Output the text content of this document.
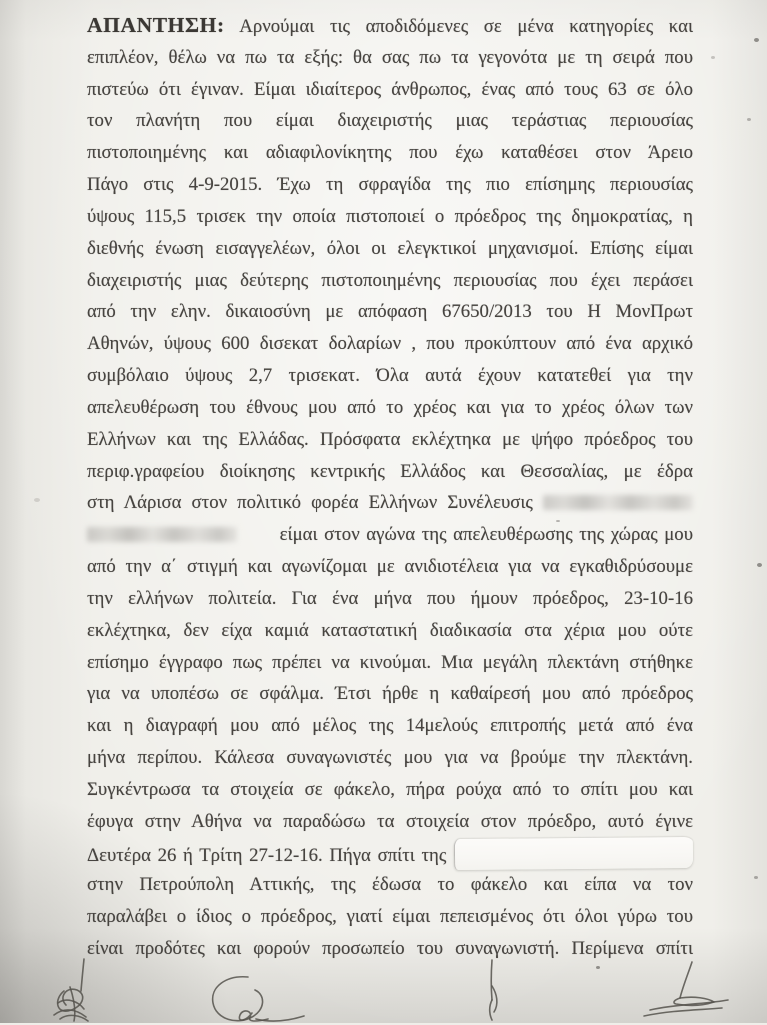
ΑΠΑΝΤΗΣΗ: Αρνούμαι τις αποδιδόμενες σε μένα κατηγορίες και
επιπλέον, θέλω να πω τα εξής: θα σας πω τα γεγονότα με τη σειρά που
πιστεύω ότι έγιναν. Είμαι ιδιαίτερος άνθρωπος, ένας από τους 63 σε όλο
τον πλανήτη που είμαι διαχειριστής μιας τεράστιας περιουσίας
πιστοποιημένης και αδιαφιλονίκητης που έχω καταθέσει στον Άρειο
Πάγο στις 4-9-2015. Έχω τη σφραγίδα της πιο επίσημης περιουσίας
ύψους 115,5 τρισεκ την οποία πιστοποιεί ο πρόεδρος της δημοκρατίας, η
διεθνής ένωση εισαγγελέων, όλοι οι ελεγκτικοί μηχανισμοί. Επίσης είμαι
διαχειριστής μιας δεύτερης πιστοποιημένης περιουσίας που έχει περάσει
από την ελην. δικαιοσύνη με απόφαση 67650/2013 του Η ΜονΠρωτ
Αθηνών, ύψους 600 δισεκατ δολαρίων , που προκύπτουν από ένα αρχικό
συμβόλαιο ύψους 2,7 τρισεκατ. Όλα αυτά έχουν κατατεθεί για την
απελευθέρωση του έθνους μου από το χρέος και για το χρέος όλων των
Ελλήνων και της Ελλάδας. Πρόσφατα εκλέχτηκα με ψήφο πρόεδρος του
περιφ.γραφείου διοίκησης κεντρικής Ελλάδος και Θεσσαλίας, με έδρα
στη Λάρισα στον πολιτικό φορέα Ελλήνων Συνέλευσις
είμαι στον αγώνα της απελευθέρωσης της χώρας μου
από την α΄ στιγμή και αγωνίζομαι με ανιδιοτέλεια για να εγκαθιδρύσουμε
την ελλήνων πολιτεία. Για ένα μήνα που ήμουν πρόεδρος, 23-10-16
εκλέχτηκα, δεν είχα καμιά καταστατική διαδικασία στα χέρια μου ούτε
επίσημο έγγραφο πως πρέπει να κινούμαι. Μια μεγάλη πλεκτάνη στήθηκε
για να υποπέσω σε σφάλμα. Έτσι ήρθε η καθαίρεσή μου από πρόεδρος
και η διαγραφή μου από μέλος της 14μελούς επιτροπής μετά από ένα
μήνα περίπου. Κάλεσα συναγωνιστές μου για να βρούμε την πλεκτάνη.
Συγκέντρωσα τα στοιχεία σε φάκελο, πήρα ρούχα από το σπίτι μου και
έφυγα στην Αθήνα να παραδώσω τα στοιχεία στον πρόεδρο, αυτό έγινε
Δευτέρα 26 ή Τρίτη 27-12-16. Πήγα σπίτι της
στην Πετρούπολη Αττικής, της έδωσα το φάκελο και είπα να τον
παραλάβει ο ίδιος ο πρόεδρος, γιατί είμαι πεπεισμένος ότι όλοι γύρω του
είναι προδότες και φορούν προσωπείο του συναγωνιστή. Περίμενα σπίτι
